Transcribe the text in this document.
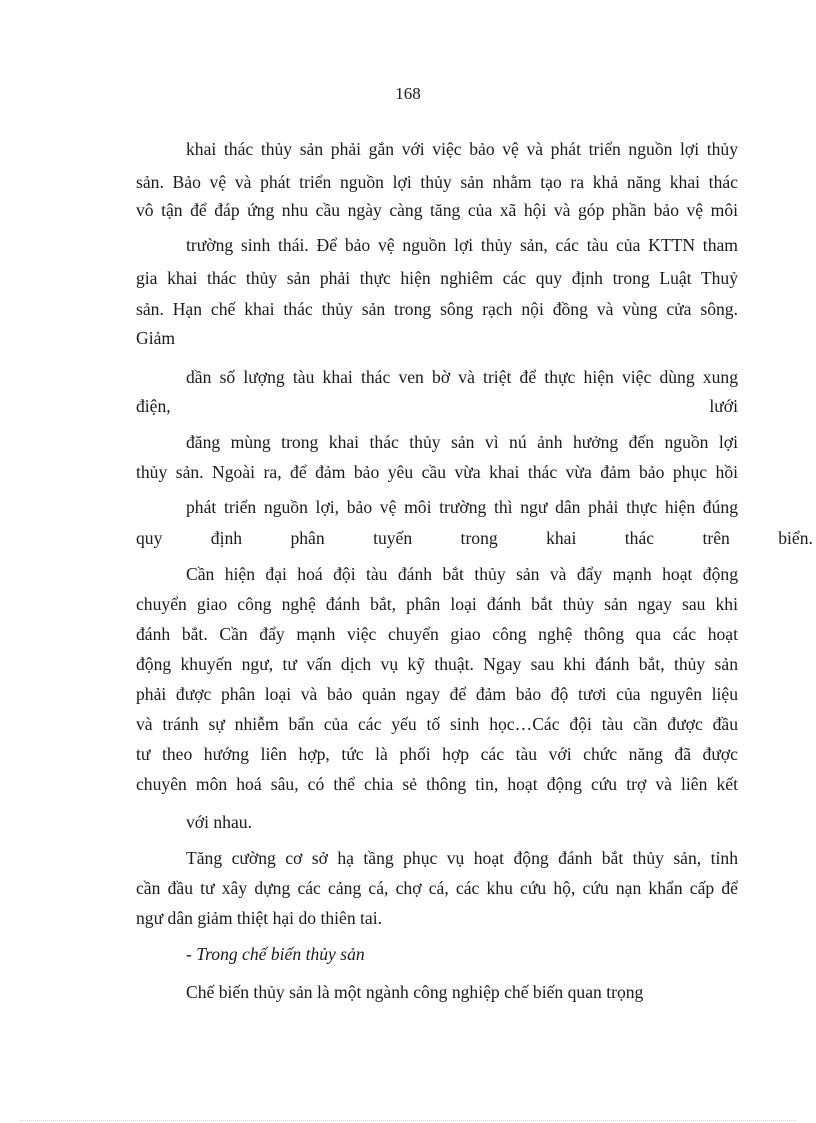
168

khai thác thủy sản phải gắn với việc bảo vệ và phát triển nguồn lợi thủy

sản. Bảo vệ và phát triển nguồn lợi thủy sản nhằm tạo ra khả năng khai thác

vô tận để đáp ứng nhu cầu ngày càng tăng của xã hội và góp phần bảo vệ môi

trường sinh thái. Để bảo vệ nguồn lợi thủy sản, các tàu của KTTN tham

gia khai thác thủy sản phải thực hiện nghiêm các quy định trong Luật Thuỷ

sản. Hạn chế khai thác thủy sản trong sông rạch nội đồng và vùng cửa sông.

Giảm

dần số lượng tàu khai thác ven bờ và triệt để thực hiện việc dùng xung

điện,	lưới

đăng mùng trong khai thác thủy sản vì nú ảnh hưởng đến nguồn lợi

thủy sản. Ngoài ra, để đảm bảo yêu cầu vừa khai thác vừa đảm bảo phục hồi

phát triển nguồn lợi, bảo vệ môi trường thì ngư dân phải thực hiện đúng

quy định phân tuyến trong khai thác trên biển.

Cần hiện đại hoá đội tàu đánh bắt thủy sản và đẩy mạnh hoạt động

chuyển giao công nghệ đánh bắt, phân loại đánh bắt thủy sản ngay sau khi

đánh bắt. Cần đẩy mạnh việc chuyển giao công nghệ thông qua các hoạt

động khuyến ngư, tư vấn dịch vụ kỹ thuật. Ngay sau khi đánh bắt, thủy sản

phải được phân loại và bảo quản ngay để đảm bảo độ tươi của nguyên liệu

và tránh sự nhiễm bẩn của các yếu tố sinh học…Các đội tàu cần được đầu

tư theo hướng liên hợp, tức là phối hợp các tàu với chức năng đã được

chuyên môn hoá sâu, có thể chia sẻ thông tin, hoạt động cứu trợ và liên kết

với nhau.

Tăng cường cơ sở hạ tầng phục vụ hoạt động đánh bắt thủy sản, tỉnh

cần đầu tư xây dựng các cảng cá, chợ cá, các khu cứu hộ, cứu nạn khẩn cấp để

ngư dân giảm thiệt hại do thiên tai.

- Trong chế biến thủy sản

Chế biến thủy sản là một ngành công nghiệp chế biến quan trọng
